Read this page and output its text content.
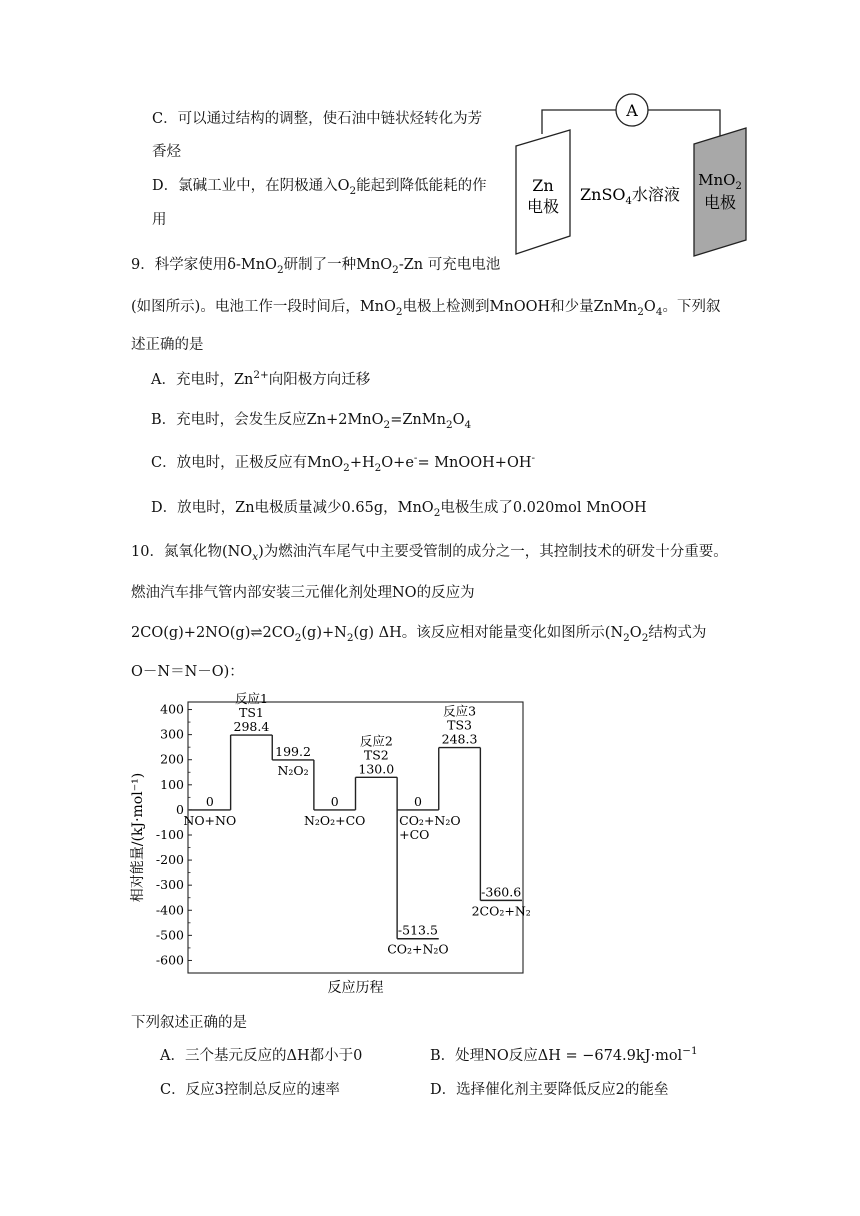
C．可以通过结构的调整，使石油中链状烃转化为芳
香烃
D．氯碱工业中，在阴极通入$O_2$能起到降低能耗的作
用
A
Zn
电极
MnO$_2$
电极
ZnSO$_4$水溶液
9．科学家使用δ-MnO$_2$研制了一种MnO$_2$-Zn 可充电电池
(如图所示)。电池工作一段时间后，MnO$_2$电极上检测到MnOOH和少量$ZnMn_2O_4$。下列叙
述正确的是
A．充电时，$Zn^{2+}$向阳极方向迁移
B．充电时，会发生反应$Zn+2MnO_2=ZnMn_2O_4$
C．放电时，正极反应有$MnO_2+H_2O+e^-=$ MnOOH+OH-
D．放电时，Zn电极质量减少0.65g，MnO$_2$电极生成了0.020mol MnOOH
10．氮氧化物$(NO_x)$为燃油汽车尾气中主要受管制的成分之一，其控制技术的研发十分重要。
燃油汽车排气管内部安装三元催化剂处理NO的反应为
$2CO(g)+2NO(g)\rightleftharpoons 2CO_2(g)+N_2(g)$ ΔH。该反应相对能量变化如图所示($N_2O_2$结构式为
O－N＝N－O)：
400
300
200
100
0
-100
-200
-300
-400
-500
-600
相对能量/(kJ·mol⁻¹)
反应历程
0
NO+NO
298.4
反应1
TS1
199.2
N₂O₂
0
N₂O₂+CO
130.0
反应2
TS2
0
CO₂+N₂O
+CO
-513.5
CO₂+N₂O
248.3
反应3
TS3
-360.6
2CO₂+N₂
下列叙述正确的是
A．三个基元反应的ΔH都小于0	B．处理NO反应ΔH = −674.9kJ·mol$^{-1}$
C．反应3控制总反应的速率	D．选择催化剂主要降低反应2的能垒
